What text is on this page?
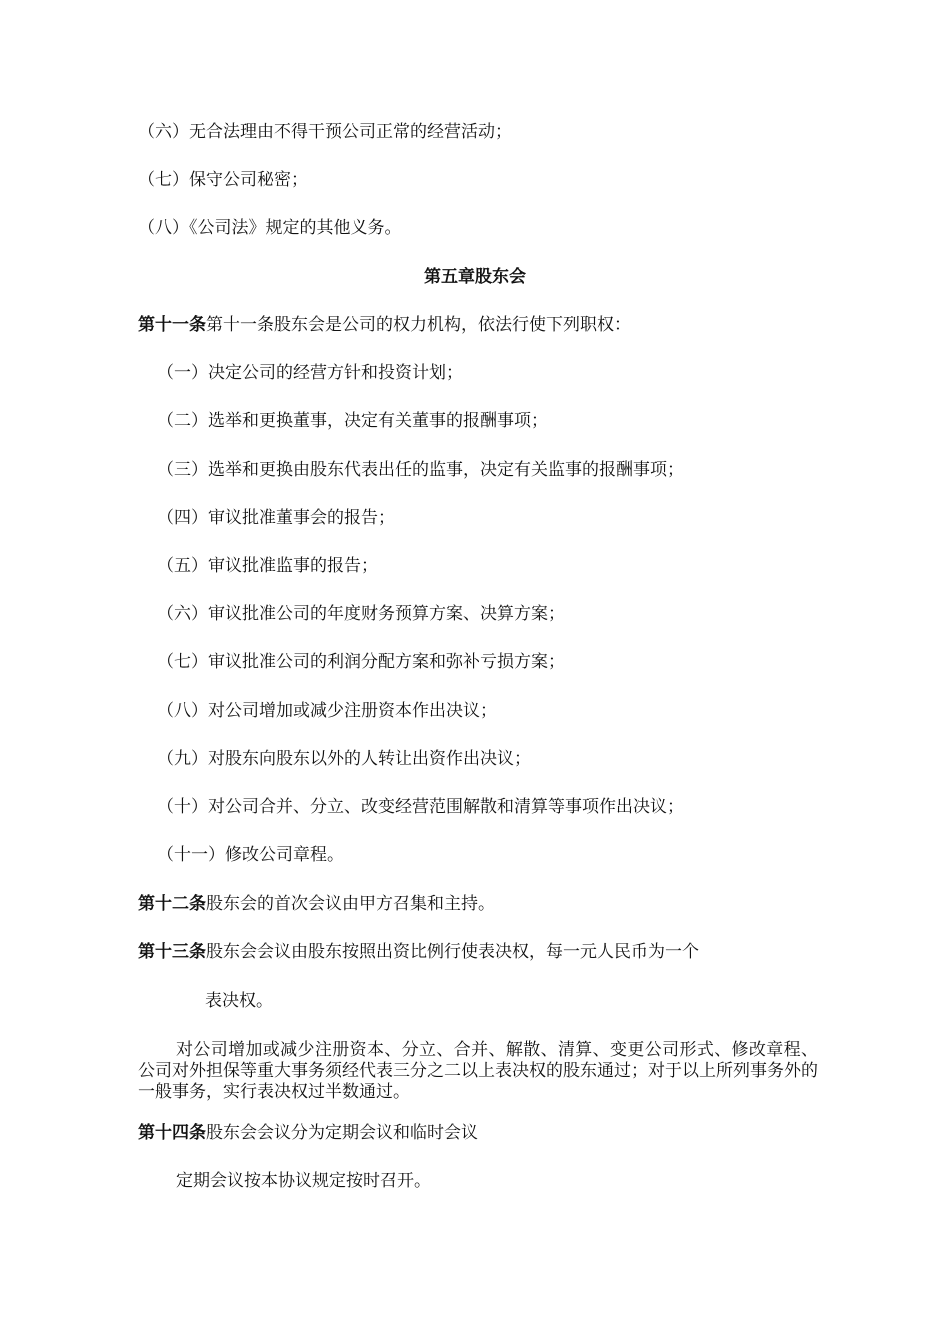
（六）无合法理由不得干预公司正常的经营活动；
（七）保守公司秘密；
（八）《公司法》规定的其他义务。
第五章股东会
第十一条第十一条股东会是公司的权力机构，依法行使下列职权：
（一）决定公司的经营方针和投资计划；
（二）选举和更换董事，决定有关董事的报酬事项；
（三）选举和更换由股东代表出任的监事，决定有关监事的报酬事项；
（四）审议批准董事会的报告；
（五）审议批准监事的报告；
（六）审议批准公司的年度财务预算方案、决算方案；
（七）审议批准公司的利润分配方案和弥补亏损方案；
（八）对公司增加或减少注册资本作出决议；
（九）对股东向股东以外的人转让出资作出决议；
（十）对公司合并、分立、改变经营范围解散和清算等事项作出决议；
（十一）修改公司章程。
第十二条股东会的首次会议由甲方召集和主持。
第十三条股东会会议由股东按照出资比例行使表决权，每一元人民币为一个
表决权。
对公司增加或减少注册资本、分立、合并、解散、清算、变更公司形式、修改章程、公司对外担保等重大事务须经代表三分之二以上表决权的股东通过；对于以上所列事务外的一般事务，实行表决权过半数通过。
第十四条股东会会议分为定期会议和临时会议
定期会议按本协议规定按时召开。
